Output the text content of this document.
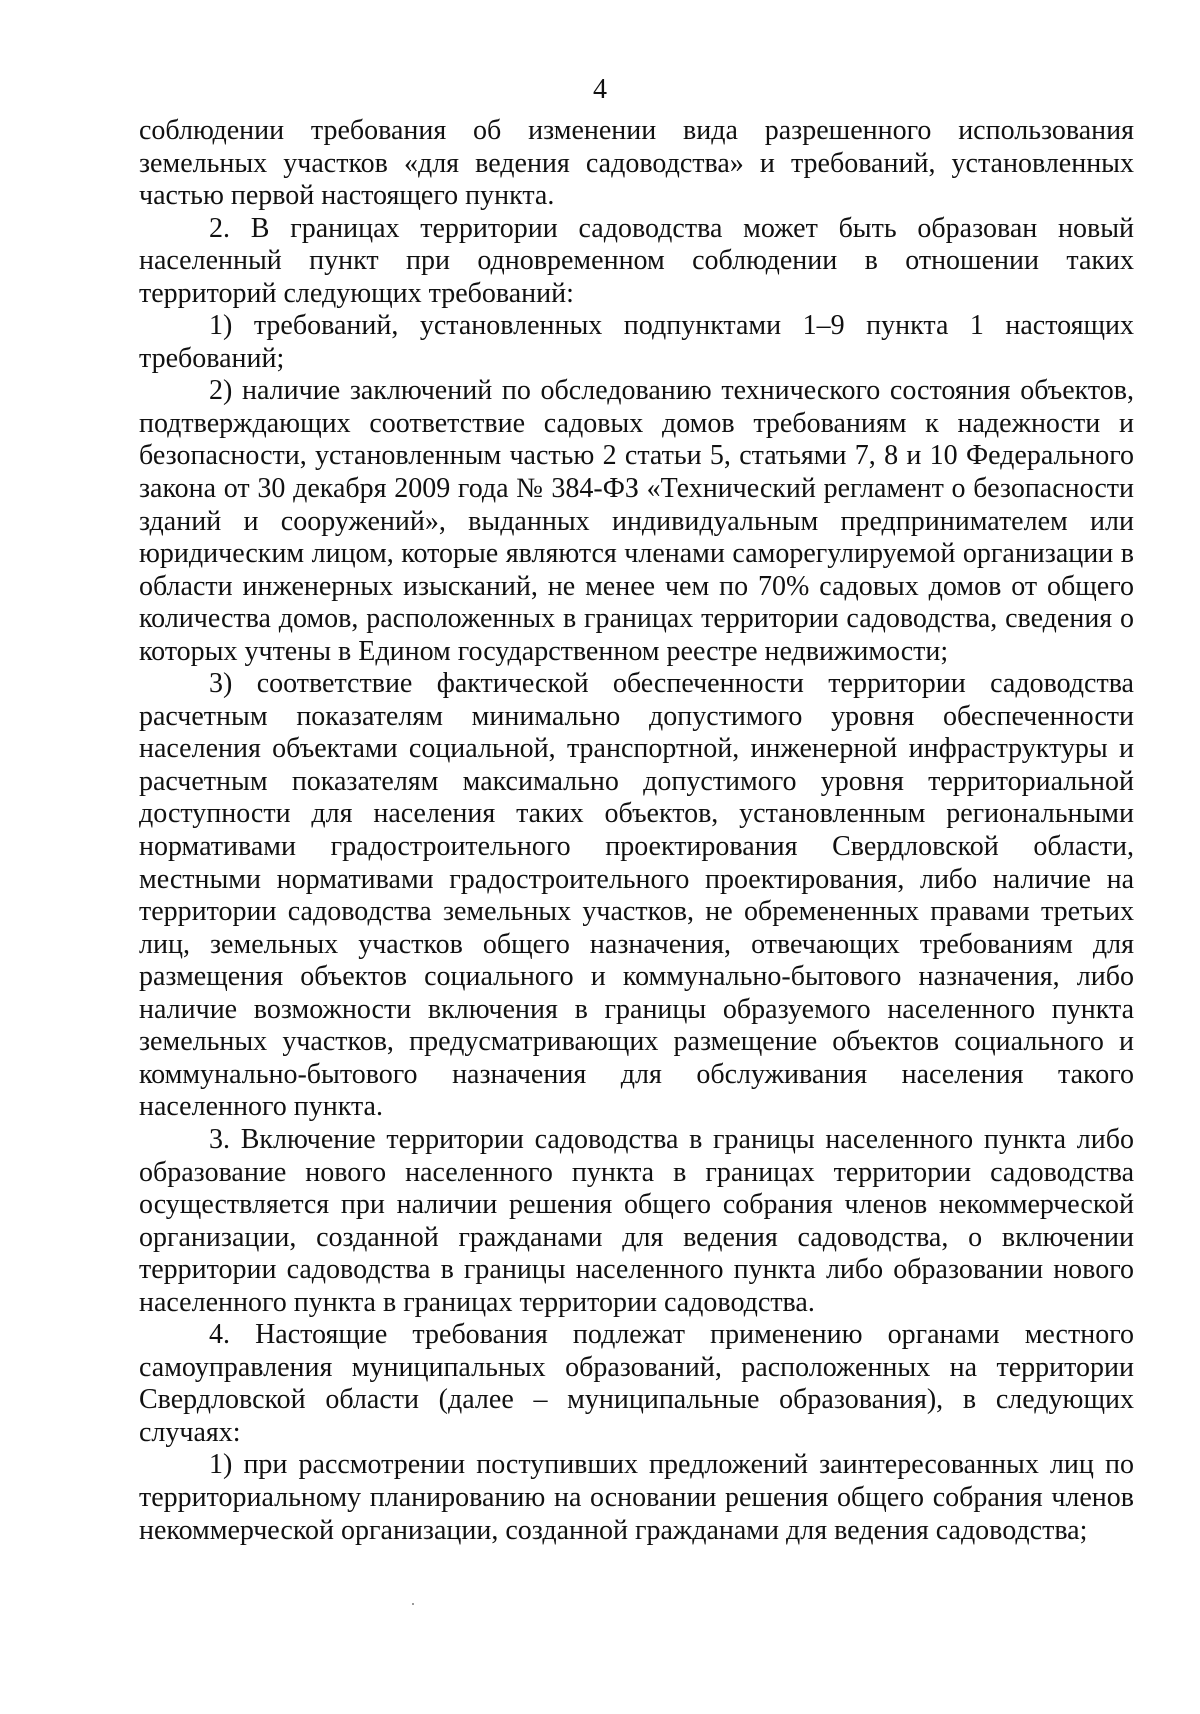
4

соблюдении требования об изменении вида разрешенного использования земельных участков «для ведения садоводства» и требований, установленных частью первой настоящего пункта.

2. В границах территории садоводства может быть образован новый населенный пункт при одновременном соблюдении в отношении таких территорий следующих требований:

1) требований, установленных подпунктами 1–9 пункта 1 настоящих требований;

2) наличие заключений по обследованию технического состояния объектов, подтверждающих соответствие садовых домов требованиям к надежности и безопасности, установленным частью 2 статьи 5, статьями 7, 8 и 10 Федерального закона от 30 декабря 2009 года № 384-ФЗ «Технический регламент о безопасности зданий и сооружений», выданных индивидуальным предпринимателем или юридическим лицом, которые являются членами саморегулируемой организации в области инженерных изысканий, не менее чем по 70% садовых домов от общего количества домов, расположенных в границах территории садоводства, сведения о которых учтены в Едином государственном реестре недвижимости;

3) соответствие фактической обеспеченности территории садоводства расчетным показателям минимально допустимого уровня обеспеченности населения объектами социальной, транспортной, инженерной инфраструктуры и расчетным показателям максимально допустимого уровня территориальной доступности для населения таких объектов, установленным региональными нормативами градостроительного проектирования Свердловской области, местными нормативами градостроительного проектирования, либо наличие на территории садоводства земельных участков, не обремененных правами третьих лиц, земельных участков общего назначения, отвечающих требованиям для размещения объектов социального и коммунально-бытового назначения, либо наличие возможности включения в границы образуемого населенного пункта земельных участков, предусматривающих размещение объектов социального и коммунально-бытового назначения для обслуживания населения такого населенного пункта.

3. Включение территории садоводства в границы населенного пункта либо образование нового населенного пункта в границах территории садоводства осуществляется при наличии решения общего собрания членов некоммерческой организации, созданной гражданами для ведения садоводства, о включении территории садоводства в границы населенного пункта либо образовании нового населенного пункта в границах территории садоводства.

4. Настоящие требования подлежат применению органами местного самоуправления муниципальных образований, расположенных на территории Свердловской области (далее – муниципальные образования), в следующих случаях:

1) при рассмотрении поступивших предложений заинтересованных лиц по территориальному планированию на основании решения общего собрания членов некоммерческой организации, созданной гражданами для ведения садоводства;
